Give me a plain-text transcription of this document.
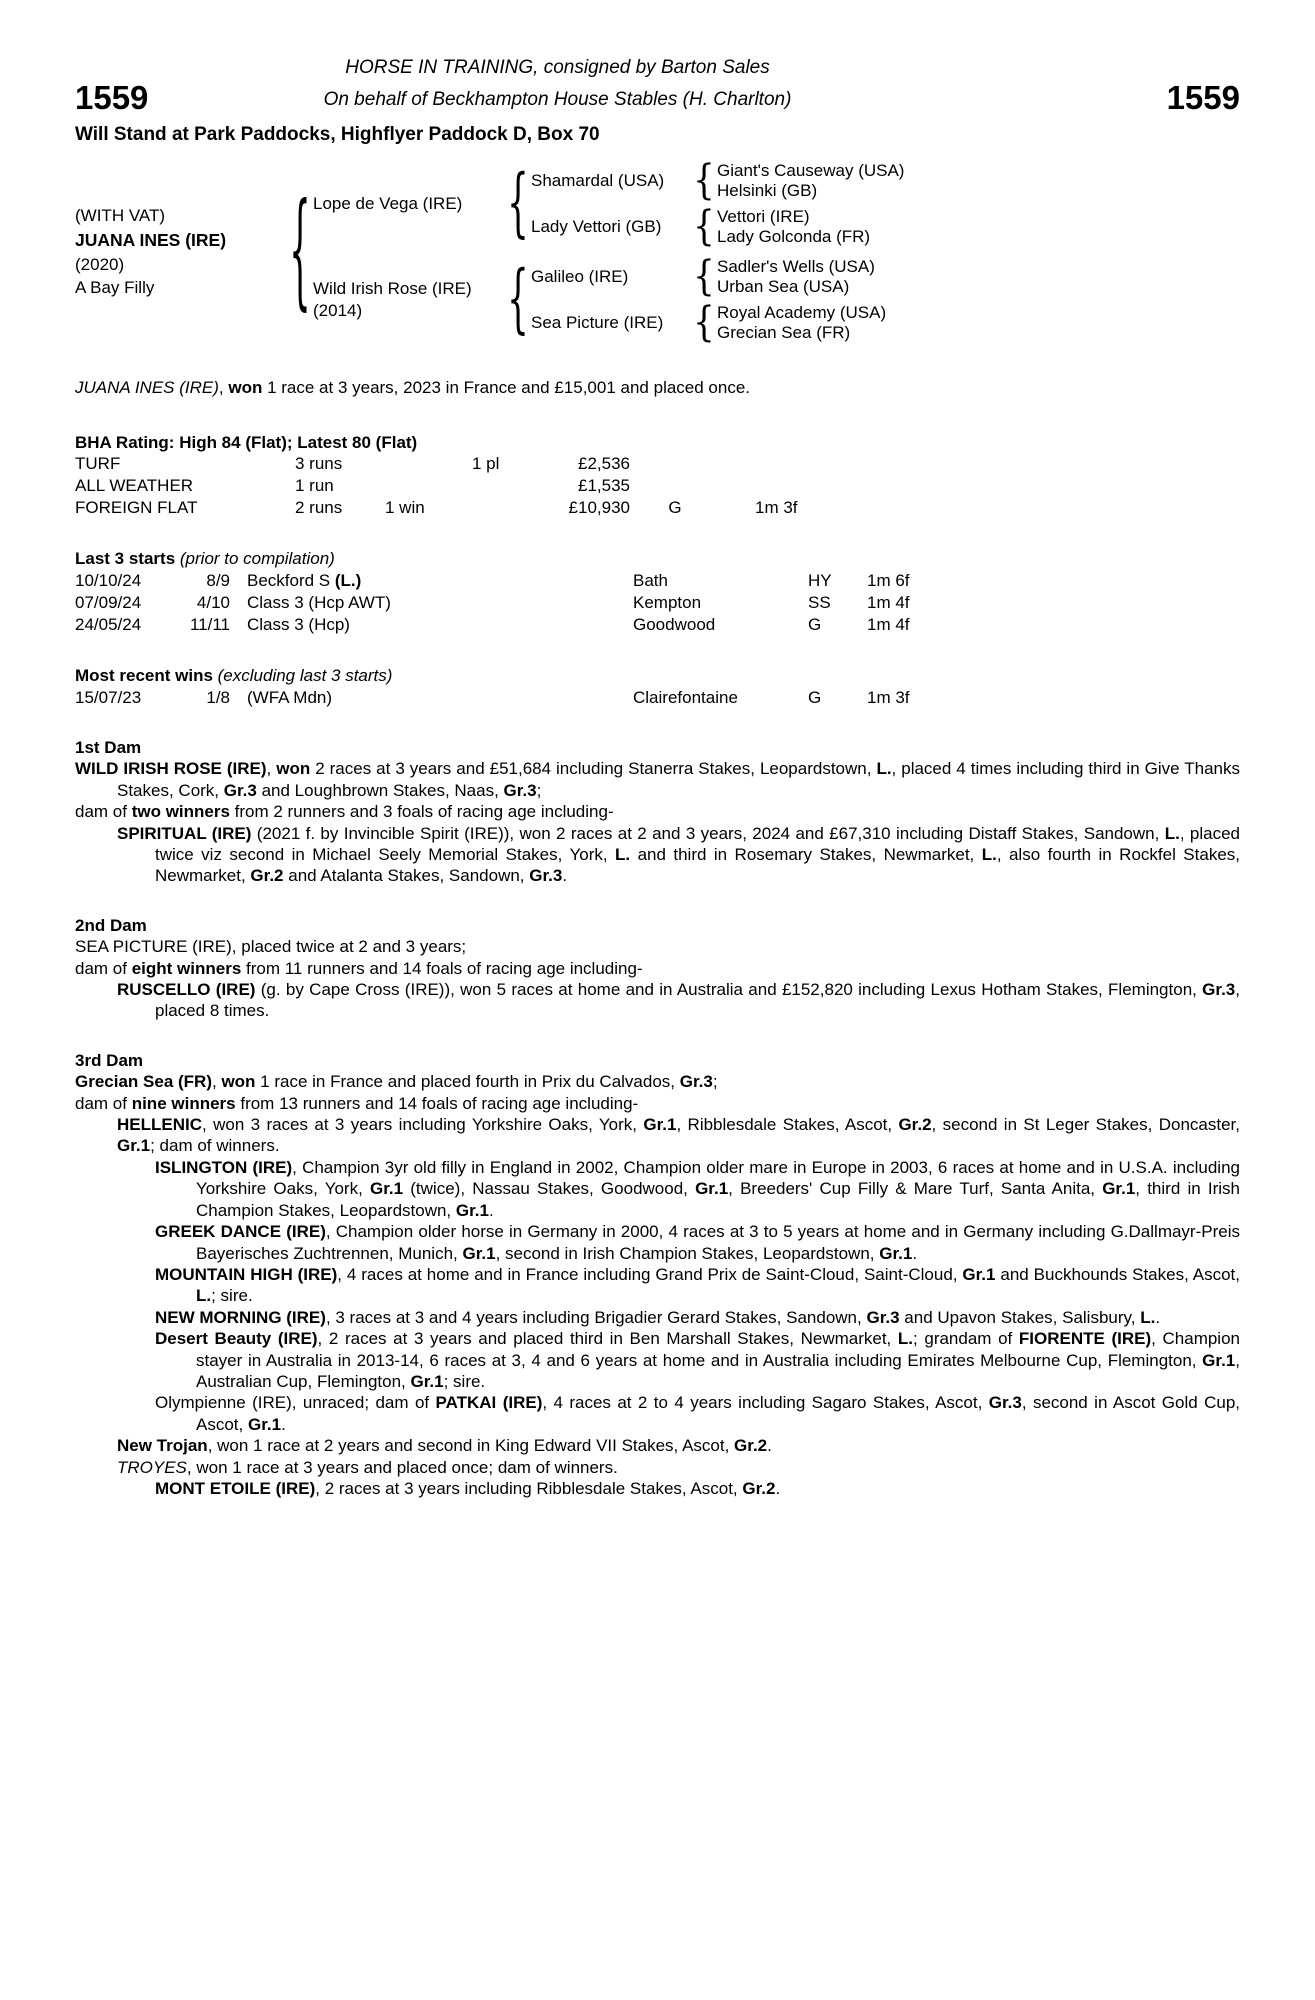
HORSE IN TRAINING, consigned by Barton Sales
1559	On behalf of Beckhampton House Stables (H. Charlton)	1559
Will Stand at Park Paddocks, Highflyer Paddock D, Box 70
(WITH VAT)
JUANA INES (IRE)
(2020)
A Bay Filly	{ Lope de Vega (IRE)	{ Shamardal (USA) { Giant's Causeway (USA)
Helsinki (GB)
Lady Vettori (GB) { Vettori (IRE)
Lady Golconda (FR)
Wild Irish Rose (IRE)
(2014)	{ Galileo (IRE)	{ Sadler's Wells (USA)
Urban Sea (USA)
Sea Picture (IRE) { Royal Academy (USA)
Grecian Sea (FR)

JUANA INES (IRE), won 1 race at 3 years, 2023 in France and £15,001 and placed once.

BHA Rating: High 84 (Flat); Latest 80 (Flat)
TURF	3 runs	1 pl	£2,536
ALL WEATHER	1 run	£1,535
FOREIGN FLAT	2 runs	1 win	£10,930	G	1m 3f
Last 3 starts (prior to compilation)
10/10/24	8/9	Beckford S (L.)	Bath	HY	1m 6f
07/09/24	4/10	Class 3 (Hcp AWT)	Kempton	SS	1m 4f
24/05/24	11/11	Class 3 (Hcp)	Goodwood	G	1m 4f
Most recent wins (excluding last 3 starts)
15/07/23	1/8	(WFA Mdn)	Clairefontaine	G	1m 3f
1st Dam

WILD IRISH ROSE (IRE), won 2 races at 3 years and £51,684 including Stanerra Stakes, Leopardstown, L., placed 4 times including third in Give Thanks Stakes, Cork, Gr.3 and Loughbrown Stakes, Naas, Gr.3;

dam of two winners from 2 runners and 3 foals of racing age including-

SPIRITUAL (IRE) (2021 f. by Invincible Spirit (IRE)), won 2 races at 2 and 3 years, 2024 and £67,310 including Distaff Stakes, Sandown, L., placed twice viz second in Michael Seely Memorial Stakes, York, L. and third in Rosemary Stakes, Newmarket, L., also fourth in Rockfel Stakes, Newmarket, Gr.2 and Atalanta Stakes, Sandown, Gr.3.

2nd Dam

SEA PICTURE (IRE), placed twice at 2 and 3 years;

dam of eight winners from 11 runners and 14 foals of racing age including-

RUSCELLO (IRE) (g. by Cape Cross (IRE)), won 5 races at home and in Australia and £152,820 including Lexus Hotham Stakes, Flemington, Gr.3, placed 8 times.

3rd Dam

Grecian Sea (FR), won 1 race in France and placed fourth in Prix du Calvados, Gr.3;

dam of nine winners from 13 runners and 14 foals of racing age including-

HELLENIC, won 3 races at 3 years including Yorkshire Oaks, York, Gr.1, Ribblesdale Stakes, Ascot, Gr.2, second in St Leger Stakes, Doncaster, Gr.1; dam of winners.

ISLINGTON (IRE), Champion 3yr old filly in England in 2002, Champion older mare in Europe in 2003, 6 races at home and in U.S.A. including Yorkshire Oaks, York, Gr.1 (twice), Nassau Stakes, Goodwood, Gr.1, Breeders' Cup Filly & Mare Turf, Santa Anita, Gr.1, third in Irish Champion Stakes, Leopardstown, Gr.1.

GREEK DANCE (IRE), Champion older horse in Germany in 2000, 4 races at 3 to 5 years at home and in Germany including G.Dallmayr-Preis Bayerisches Zuchtrennen, Munich, Gr.1, second in Irish Champion Stakes, Leopardstown, Gr.1.

MOUNTAIN HIGH (IRE), 4 races at home and in France including Grand Prix de Saint-Cloud, Saint-Cloud, Gr.1 and Buckhounds Stakes, Ascot, L.; sire.

NEW MORNING (IRE), 3 races at 3 and 4 years including Brigadier Gerard Stakes, Sandown, Gr.3 and Upavon Stakes, Salisbury, L..

Desert Beauty (IRE), 2 races at 3 years and placed third in Ben Marshall Stakes, Newmarket, L.; grandam of FIORENTE (IRE), Champion stayer in Australia in 2013-14, 6 races at 3, 4 and 6 years at home and in Australia including Emirates Melbourne Cup, Flemington, Gr.1, Australian Cup, Flemington, Gr.1; sire.

Olympienne (IRE), unraced; dam of PATKAI (IRE), 4 races at 2 to 4 years including Sagaro Stakes, Ascot, Gr.3, second in Ascot Gold Cup, Ascot, Gr.1.

New Trojan, won 1 race at 2 years and second in King Edward VII Stakes, Ascot, Gr.2.

TROYES, won 1 race at 3 years and placed once; dam of winners.

MONT ETOILE (IRE), 2 races at 3 years including Ribblesdale Stakes, Ascot, Gr.2.
